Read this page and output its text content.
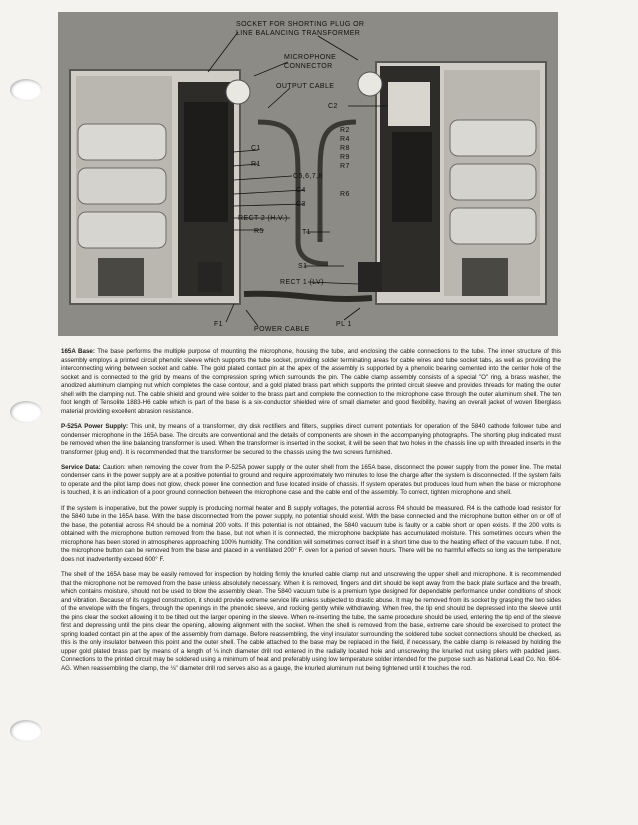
SOCKET FOR SHORTING PLUG OR
LINE BALANCING TRANSFORMER
MICROPHONE
CONNECTOR
OUTPUT CABLE
C2
R2
R4
R8
R9
R7
R6
C1
R1
C5,6,7,8
C4
C3
RECT 2 (H.V.)
R5	T1
S1
RECT 1 (LV)
F1
POWER CABLE
PL 1

165A Base: The base performs the multiple purpose of mounting the microphone, housing the tube, and enclosing the cable connections to the tube. The inner structure of this assembly employs a printed circuit phenolic sleeve which supports the tube socket, providing solder terminating areas for cable wires and tube socket tabs, as well as providing the interconnecting wiring between socket and cable. The gold plated contact pin at the apex of the assembly is supported by a phenolic bearing cemented into the center hole of the socket and is connected to the grid by means of the compression spring which surrounds the pin. The cable clamp assembly consists of a special "O" ring, a brass washer, the anodized aluminum clamping nut which completes the case contour, and a gold plated brass part which supports the printed circuit sleeve and provides threads for mating the outer shell with the clamping nut. The cable shield and ground wire solder to the brass part and complete the connection to the microphone case through the outer aluminum shell. The ten foot length of Tensolite 1883-H6 cable which is part of the base is a six-conductor shielded wire of small diameter and good flexibility, having an overall jacket of woven fiberglass material providing excellent abrasion resistance.

P-525A Power Supply: This unit, by means of a transformer, dry disk rectifiers and filters, supplies direct current potentials for operation of the 5840 cathode follower tube and condenser microphone in the 165A base. The circuits are conventional and the details of components are shown in the accompanying photographs. The shorting plug indicated must be removed when the line balancing transformer is used. When the transformer is inserted in the socket, it will be seen that two holes in the chassis line up with threaded inserts in the transformer (plug end). It is recommended that the transformer be secured to the chassis using the two screws furnished.

Service Data: Caution: when removing the cover from the P-525A power supply or the outer shell from the 165A base, disconnect the power supply from the power line. The metal condenser cans in the power supply are at a positive potential to ground and require approximately two minutes to lose the charge after the system is disconnected. If the system fails to operate and the pilot lamp does not glow, check power line connection and fuse located inside of chassis. If system operates but produces loud hum when the base or microphone is touched, it is an indication of a poor ground connection between the microphone case and the cable end of the assembly. To correct, tighten microphone and shell.

If the system is inoperative, but the power supply is producing normal heater and B supply voltages, the potential across R4 should be measured. R4 is the cathode load resistor for the 5840 tube in the 165A base. With the base disconnected from the power supply, no potential should exist. With the base connected and the microphone button either on or off of the base, the potential across R4 should be a nominal 200 volts. If this potential is not obtained, the 5840 vacuum tube is faulty or a cable short or open exists. If the 200 volts is obtained with the microphone button removed from the base, but not when it is connected, the microphone backplate has accumulated moisture. This sometimes occurs when the microphone has been stored in atmospheres approaching 100% humidity. The condition will sometimes correct itself in a short time due to the heating effect of the vacuum tube. If not, the microphone button can be removed from the base and placed in a ventilated 200° F. oven for a period of seven hours. There will be no harmful effects so long as the temperature does not inadvertently exceed 600° F.

The shell of the 165A base may be easily removed for inspection by holding firmly the knurled cable clamp nut and unscrewing the upper shell and microphone. It is recommended that the microphone not be removed from the base unless absolutely necessary. When it is removed, fingers and dirt should be kept away from the back plate surface and the breath, which contains moisture, should not be used to blow the assembly clean. The 5840 vacuum tube is a premium type designed for dependable performance under conditions of shock and vibration. Because of its rugged construction, it should provide extreme service life unless subjected to drastic abuse. It may be removed from its socket by grasping the two sides of the envelope with the fingers, through the openings in the phenolic sleeve, and rocking gently while withdrawing. When free, the tip end should be depressed into the sleeve until the pins clear the socket allowing it to be tilted out the larger opening in the sleeve. When re-inserting the tube, the same procedure should be used, entering the tip end of the sleeve first and depressing until the pins clear the opening, allowing alignment with the socket. When the shell is removed from the base, extreme care should be exercised to protect the spring loaded contact pin at the apex of the assembly from damage. Before reassembling, the vinyl insulator surrounding the soldered tube socket connections should be checked, as this is the only insulator between this point and the outer shell. The cable attached to the base may be replaced in the field, if necessary, the cable clamp is released by holding the upper gold plated brass part by means of a length of ⅛ inch diameter drill rod entered in the radially located hole and unscrewing the knurled nut using pliers with padded jaws. Connections to the printed circuit may be soldered using a minimum of heat and preferably using low temperature solder intended for the purpose such as National Lead Co. No. 604-AG. When reassembling the clamp, the ⅛" diameter drill rod serves also as a gauge, the knurled aluminum nut being tightened until it touches the rod.
